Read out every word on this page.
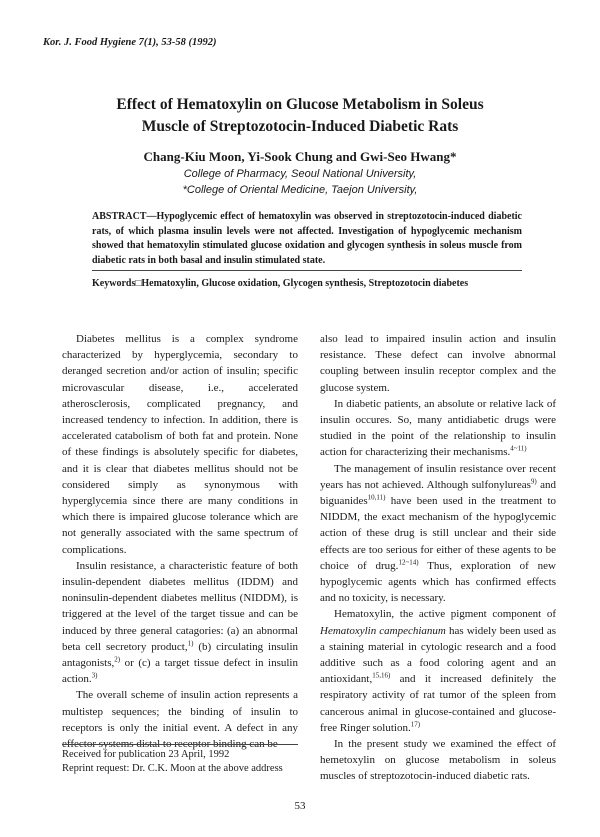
Kor. J. Food Hygiene 7(1), 53-58 (1992)
Effect of Hematoxylin on Glucose Metabolism in Soleus
Muscle of Streptozotocin-Induced Diabetic Rats
Chang-Kiu Moon, Yi-Sook Chung and Gwi-Seo Hwang*
College of Pharmacy, Seoul National University,
*College of Oriental Medicine, Taejon University,
ABSTRACT—Hypoglycemic effect of hematoxylin was observed in streptozotocin-induced diabetic rats, of which plasma insulin levels were not affected. Investigation of hypoglycemic mechanism showed that hematoxylin stimulated glucose oxidation and glycogen synthesis in soleus muscle from diabetic rats in both basal and insulin stimulated state.
Keywords□Hematoxylin, Glucose oxidation, Glycogen synthesis, Streptozotocin diabetes

Diabetes mellitus is a complex syndrome characterized by hyperglycemia, secondary to deranged secretion and/or action of insulin; specific microvascular disease, i.e., accelerated atherosclerosis, complicated pregnancy, and increased tendency to infection. In addition, there is accelerated catabolism of both fat and protein. None of these findings is absolutely specific for diabetes, and it is clear that diabetes mellitus should not be considered simply as synonymous with hyperglycemia since there are many conditions in which there is impaired glucose tolerance which are not generally associated with the same spectrum of complications.

Insulin resistance, a characteristic feature of both insulin-dependent diabetes mellitus (IDDM) and noninsulin-dependent diabetes mellitus (NIDDM), is triggered at the level of the target tissue and can be induced by three general catagories: (a) an abnormal beta cell secretory product,$^{1)}$ (b) circulating insulin antagonists,$^{2)}$ or (c) a target tissue defect in insulin action.$^{3)}$

The overall scheme of insulin action represents a multistep sequences; the binding of insulin to receptors is only the initial event. A defect in any effector systems distal to receptor binding can be

also lead to impaired insulin action and insulin resistance. These defect can involve abnormal coupling between insulin receptor complex and the glucose system.

In diabetic patients, an absolute or relative lack of insulin occures. So, many antidiabetic drugs were studied in the point of the relationship to insulin action for characterizing their mechanisms.$^{4\sim 11)}$

The management of insulin resistance over recent years has not achieved. Although sulfonylureas$^{9)}$ and biguanides$^{10,11)}$ have been used in the treatment to NIDDM, the exact mechanism of the hypoglycemic action of these drug is still unclear and their side effects are too serious for either of these agents to be choice of drug.$^{12\sim 14)}$ Thus, exploration of new hypoglycemic agents which has confirmed effects and no toxicity, is necessary.

Hematoxylin, the active pigment component of Hematoxylin campechianum has widely been used as a staining material in cytologic research and a food additive such as a food coloring agent and an antioxidant,$^{15,16)}$ and it increased definitely the respiratory activity of rat tumor of the spleen from cancerous animal in glucose-contained and glucose-free Ringer solution.$^{17)}$

In the present study we examined the effect of hemetoxylin on glucose metabolism in soleus muscles of streptozotocin-induced diabetic rats.

Received for publication 23 April, 1992
Reprint request: Dr. C.K. Moon at the above address
53
